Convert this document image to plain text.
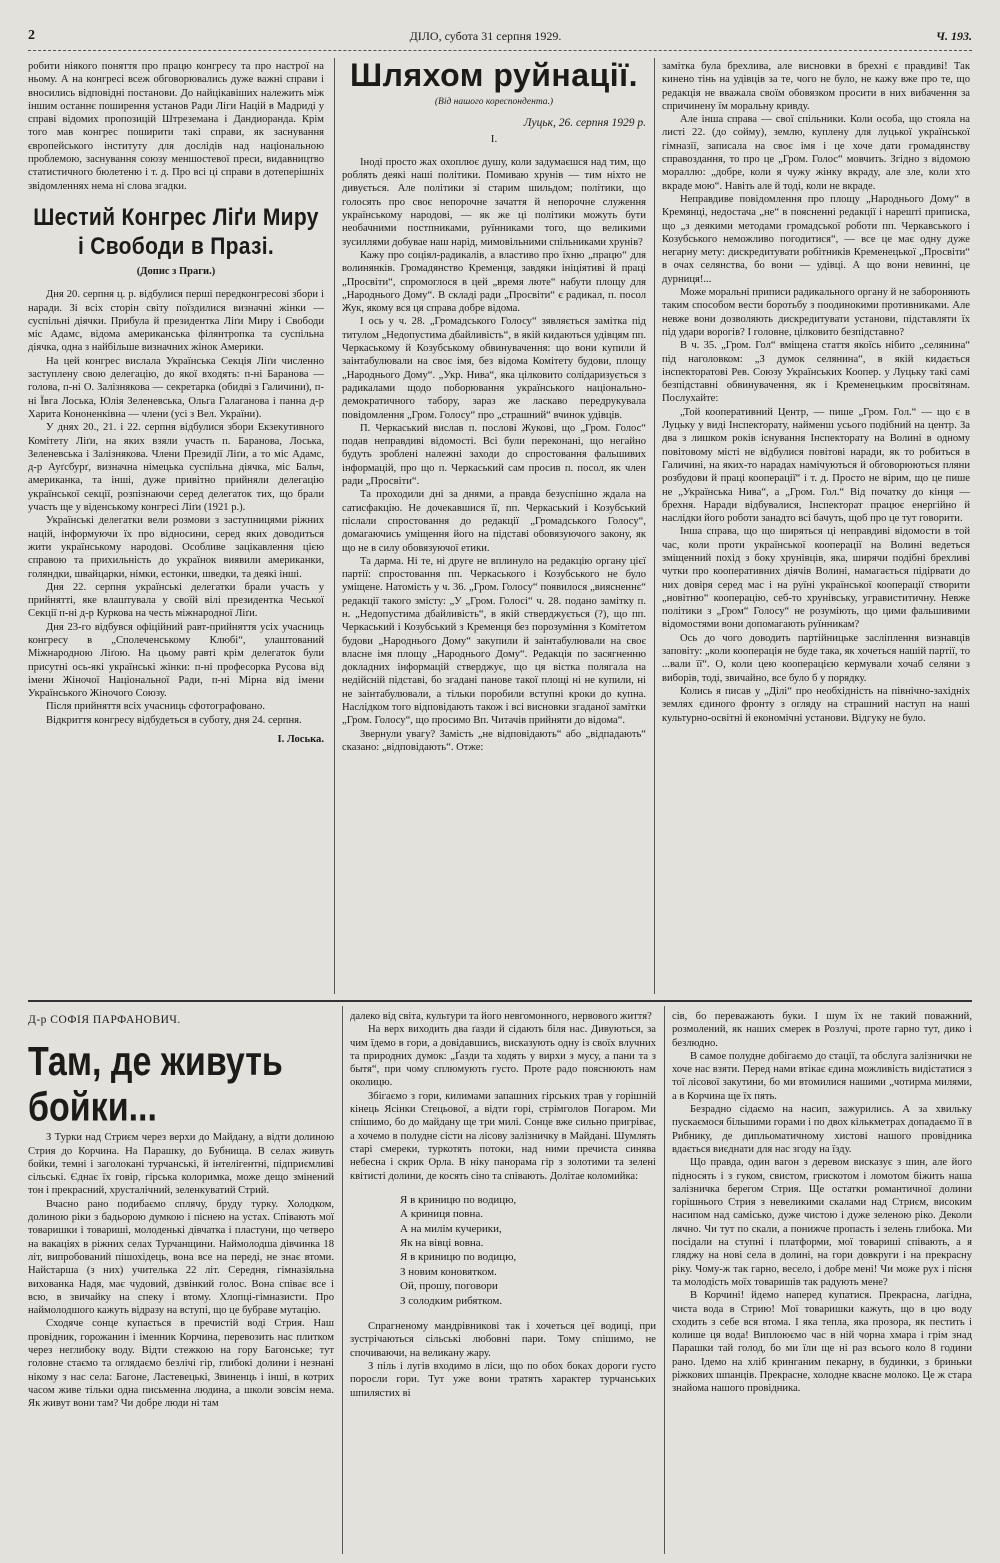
2	ДІЛО, субота 31 серпня 1929.	Ч. 193.

робити ніякого поняття про працю конгресу та про настрої на ньому. А на конгресі всеж обговорювались дуже важні справи і вносились відповідні постанови. До найцікавіших належить між іншим останнє поширення установ Ради Ліги Націй в Мадриді у справі відомих пропозицій Штреземана і Дандиоранда. Крім того мав конгрес поширити такі справи, як заснування європейського інституту для дослідів над національною проблемою, заснування союзу меншостевої преси, видавництво статистичного бюлетеню і т. д. Про всі ці справи в дотеперішніх звідомленнях нема ні слова згадки.

Шестий Конгрес Ліґи Миру і Свободи в Празі.
(Допис з Праги.)

Дня 20. серпня ц. р. відбулися перші передконгресові збори і наради. Зі всіх сторін світу поїздилися визначні жінки — суспільні діячки. Прибула й президентка Ліґи Миру і Свободи міс Адамс, відома американська філянтропка та суспільна діячка, одна з найбільше визначних жінок Америки.

На цей конгрес вислала Українська Секція Ліґи численно заступлену свою делегацію, до якої входять: п-ні Баранова — голова, п-ні О. Залізнякова — секретарка (обидві з Галичини), п-ні Ївга Лоська, Юлія Зеленевська, Ольга Галаганова і панна д-р Харита Кононенківна — члени (усі з Вел. України).

У днях 20., 21. і 22. серпня відбулися збори Екзекутивного Комітету Ліґи, на яких взяли участь п. Баранова, Лоська, Зеленевська і Залізнякова. Члени Президії Ліґи, а то міс Адамс, д-р Ауґсбурґ, визначна німецька суспільна діячка, міс Бальч, американка, та інші, дуже привітно прийняли делегацію української секції, розпізнаючи серед делегаток тих, що брали участь ще у віденському конгресі Ліґи (1921 р.).

Українські делегатки вели розмови з заступницями ріжних націй, інформуючи їх про відносини, серед яких доводиться жити українському народові. Особливе зацікавлення цією справою та прихильність до українок виявили американки, голяндки, швайцарки, німки, естонки, шведки, та деякі інші.

Дня 22. серпня українські делегатки брали участь у прийнятті, яке влаштувала у своїй вілі президентка Чеської Секції п-ні д-р Куркова на честь міжнародної Ліґи.

Дня 23-го відбувся офіційний равт-прийняття усіх учасниць конгресу в „Сполеченському Клюбі“, улаштований Міжнародною Ліґою. На цьому равті крім делегаток були присутні ось-які українські жінки: п-ні професорка Русова від імени Жіночої Національної Ради, п-ні Мірна від імени Українського Жіночого Союзу.

Після прийняття всіх учасниць сфотографовано.

Відкриття конгресу відбудеться в суботу, дня 24. серпня.

І. Лоська.
Шляхом руйнації.
(Від нашого кореспондента.)
Луцьк, 26. серпня 1929 р.
I.

Іноді просто жах охоплює душу, коли задумаєшся над тим, що роблять деякі наші політики. Помиваю хрунів — тим ніхто не дивується. Але політики зі старим шильдом; політики, що голосять про своє непорочне зачаття й непорочне служення українському народові, — як же ці політики можуть бути необачними постпниками, руїнниками того, що великими зусиллями добувае наш нарід, мимовільними спільниками хрунів?

Кажу про соціял-радикалів, а властиво про їхню „працю“ для волинянків. Громадянство Кременця, завдяки ініціятиві й праці „Просвіти“, спромоглося в цей „время люте“ набути площу для „Народнього Дому“. В складі ради „Просвіти“ є радикал, п. посол Жук, якому вся ця справа добре відома.

І ось у ч. 28. „Громадського Голосу“ зявляється замітка під титулом „Недопустима дбайливість“, в якій кидаються удівцям пп. Черкаському й Козубському обвинувачення: що вони купили й заінтабулювали на своє імя, без відома Комітету будови, площу „Народнього Дому“. „Укр. Нива“, яка цілковито солідаризується з радикалами щодо поборювання українського національно-демократичного табору, зараз же ласкаво передрукувала повідомлення „Гром. Голосу“ про „страшний“ вчинок удівців.

П. Черкаський вислав п. послові Жукові, що „Гром. Голос“ подав неправдиві відомості. Всі були переконані, що негайно будуть зроблені належні заходи до спростовання фальшивих інформацій, про що п. Черкаський сам просив п. посол, як член ради „Просвіти“.

Та проходили дні за днями, а правда безуспішно ждала на сатисфакцію. Не дочекавшися її, пп. Черкаський і Козубський післали спростовання до редакції „Громадського Голосу“, домагаючись уміщення його на підставі обовязуючого закону, як що не в силу обовязуючої етики.

Та дарма. Ні те, ні друге не вплинуло на редакцію органу цієї партії: спростовання пп. Черкаського і Козубського не було уміщене. Натомість у ч. 36. „Гром. Голосу“ появилося „виясненнє“ редакції такого змісту: „У „Гром. Голосі“ ч. 28. подано замітку п. н. „Недопустима дбайливість“, в якій стверджується (?), що пп. Черкаський і Козубський з Кременця без порозуміння з Комітетом будови „Народнього Дому“ закупили й заінтабулювали на своє власне імя площу „Народнього Дому“. Редакція по засягненню докладних інформацій стверджує, що ця вістка полягала на недійсній підставі, бо згадані панове такої площі ні не купили, ні не заінтабулювали, а тільки поробили вступні кроки до купна. Наслідком того відповідають також і всі висновки згаданої замітки „Гром. Голосу“, що просимо Вп. Читачів прийняти до відома“.

Звернули увагу? Замість „не відповідають“ або „відпадають“ сказано: „відповідають“. Отже:

замітка була брехлива, але висновки в брехні є правдиві! Так кинено тінь на удівців за те, чого не було, не кажу вже про те, що редакція не вважала своїм обовязком просити в них вибачення за спричинену їм моральну кривду.

Але інша справа — свої спільники. Коли особа, що стояла на листі 22. (до сойму), землю, куплену для луцької української гімназії, записала на своє імя і це хоче дати громадянству справоздання, то про це „Гром. Голос“ мовчить. Згідно з відомою мораллю: „добре, коли я чужу жінку вкраду, але зле, коли хто вкраде мою“. Навіть але й тоді, коли не вкраде.

Неправдиве повідомлення про площу „Народнього Дому“ в Кремянці, недостача „не“ в поясненні редакції і нарешті приписка, що „з деякими методами громадської роботи пп. Черкавського і Козубського неможливо погодитися“, — все це має одну дуже негарну мету: дискредитувати робітників Кременецької „Просвіти“ в очах селянства, бо вони — удівці. А що вони невинні, це дурниця!...

Може моральні приписи радикального органу й не забороняють таким способом вести боротьбу з поодинокими противниками. Але невже вони дозволяють дискредитувати установи, підставляти їх під удари ворогів? І головне, цілковито безпідставно?

В ч. 35. „Гром. Гол“ вміщена стаття якоїсь нібито „селянина“ під наголовком: „З думок селянина“, в якій кидається інспекторатові Рев. Союзу Українських Коопер. у Луцьку такі самі безпідставні обвинувачення, як і Кременецьким просвітянам. Послухайте:

„Той кооперативний Центр, — пише „Гром. Гол.“ — що є в Луцьку у виді Інспекторату, найменш усього подібний на центр. За два з лишком років існування Інспекторату на Волині в одному повітовому місті не відбулися повітові наради, як то робиться в Галичині, на яких-то нарадах намічуються й обговорюються пляни розбудови й праці кооперації“ і т. д. Просто не вірим, що це пише не „Українська Нива“, а „Гром. Гол.“ Від початку до кінця — брехня. Наради відбувалися, Інспекторат працює енергійно й наслідки його роботи занадто всі бачуть, щоб про це тут говорити.

Інша справа, що що ширяться ці неправдиві відомости в той час, коли проти української кооперації на Волині ведеться зміщенний похід з боку хрунівців, яка, ширячи подібні брехливі чутки про кооперативних діячів Волині, намагається підірвати до них довіря серед мас і на руїні української кооперації створити „новітню“ кооперацію, себ-то хрунівську, угравиститичну. Невже політики з „Гром“ Голосу“ не розуміють, що цими фальшивими відомостями вони допомагають руїнникам?

Ось до чого доводить партійницьке засліплення визнавців заповіту: „коли кооперація не буде така, як хочеться нашій партії, то ...вали її“. О, коли цею кооперацією кермували хочаб селяни з виборів, тоді, звичайно, все було б у порядку.

Колись я писав у „Ділі“ про необхідність на північно-західніх землях єдиного фронту з огляду на страшний наступ на наші культурно-освітні й економічні установи. Відгуку не було.

Д-р СОФІЯ ПАРФАНОВИЧ.
Там, де живуть бойки...

З Турки над Стриєм через верхи до Майдану, а відти долиною Стрия до Корчина. На Парашку, до Бубнища. В селах живуть бойки, темні і заголоканi турчанські, й інтелігентні, підприємливі сільські. Єднає їх говір, гірська колоримка, може дещо змінений тон і прекрасний, хрусталічний, зеленкуватий Стрий.

Вчасно рано подибаємо сплячу, бруду турку. Холодком, долиною ріки з бадьорою думкою і піснею на устах. Співають мої товаришки і товариші, молоденькі дівчатка і пластуни, що четверо на вакаціях в ріжних селах Турчанщини. Наймолодша дівчинка 18 літ, випробований пішохідець, вона все на переді, не знає втоми. Найстарша (з них) учителька 22 літ. Середня, гімназіяльна вихованка Надя, має чудовий, дзвінкий голос. Вона співає все і всю, в звичайку на спеку і втому. Хлопці-гімназисти. Про наймолодшого кажуть відразу на вступі, що це бубраве мутацію.

Сходяче сонце купається в пречистій воді Стрия. Наш провідник, горожанин і іменник Корчина, перевозить нас плитком через неглибоку воду. Відти стежкою на гору Багонське; тут головне стаємо та оглядаємо безлічі гір, глибокі долини і незнані нікому з нас села: Багоне, Ластевецькі, Звиненць і інші, в котрих часом живе тільки одна письменна людина, а школи зовсім нема. Як живут вони там? Чи добре люди ні там

далеко від світа, культури та його невгомонного, нервового життя?

На верх виходить два ґазди й сідають біля нас. Дивуються, за чим їдемо в гори, а довідавшись, висказують одну із своїх влучних та природних думок: „Ґазди та ходять у вирхи з мусу, а пани та з бытя“, при чому сплюмують густо. Проте радо пояснюють нам околицю.

Збігаємо з гори, килимами запашних гірських трав у горішній кінець Ясінки Стецьової, а відти горі, стрімголов Погаром. Ми спішимо, бо до майдану ще три милі. Сонце вже сильно пригріває, а хочемо в полудне сісти на лісову залізничку в Майдані. Шумлять старі смереки, туркотять потоки, над ними пречиста синява небесна і скрик Орла. В ніку панорама гір з золотими та зелені квітисті долини, де косять сіно та співають. Долітае коломийка:

Я в криницю по водицю,
А криниця повна.
А на милім кучерики,
Як на вівці вовна.
Я в криницю по водицю,
З новим коновятком.
Ой, прошу, поговори
З солодким рибятком.

Спрагненому мандрівникові так і хочеться цеї водиці, при зустрічаються сільські любовні пари. Тому спішимо, не спочиваючи, на великану жару.

З піль і лугів входимо в ліси, що по обох боках дороги густо поросли гори. Тут уже вони тратять характер турчанських шпилястих ві

сів, бо переважають буки. І шум їх не такий поважний, розмолений, як наших смерек в Розлучі, проте гарно тут, дико і безлюдно.

В самое полудне добігаємо до стації, та обслуга залізнички не хоче нас взяти. Перед нами втікає єдина можливість видістатися з тої лісової закутини, бо ми втомилися нашими „чотирма милями, а в Корчина ще їх пять.

Безрадно сідаємо на насип, зажурились. А за хвильку пускаємося більшими горами і по двох кількметрах допадаємо її в Рибнику, де дипльоматичному хистові нашого провідника вдається виєднати для нас згоду на їзду.

Що правда, один вагон з деревом висказує з шин, але його підносять і з гуком, свистом, грискотом і ломотом біжить наша залізничка берегом Стрия. Ще остатки романтичної долини горішнього Стрия з невеликими скалами над Стриєм, високим насипом над самісько, дуже чистою і дуже зеленою ріко. Деколи лячно. Чи тут по скали, а понижче пропасть і зелень глибока. Ми посідали на ступні і платформи, мої товариші співають, а я гляджу на нові села в долині, на гори довкруги і на прекрасну ріку. Чому-ж так гарно, весело, і добре мені! Чи може рух і пісня та молодість моїх товаришів так радують мене?

В Корчині! йдемо наперед купатися. Прекрасна, лагідна, чиста вода в Стрию! Мої товаришки кажуть, що в цю воду сходить з себе вся втома. І яка тепла, яка прозора, як пестить і колише ця вода! Виплоюємо час в ній чорна хмара і грім знад Парашки тай голод, бо ми їли ще ні раз всього коло 8 години рано. Ідемо на хліб кринганим пекарну, в будинки, з бриньки ріжкових шпанців. Прекрасне, холодне квасне молоко. Це ж стара знайома нашого провідника.
